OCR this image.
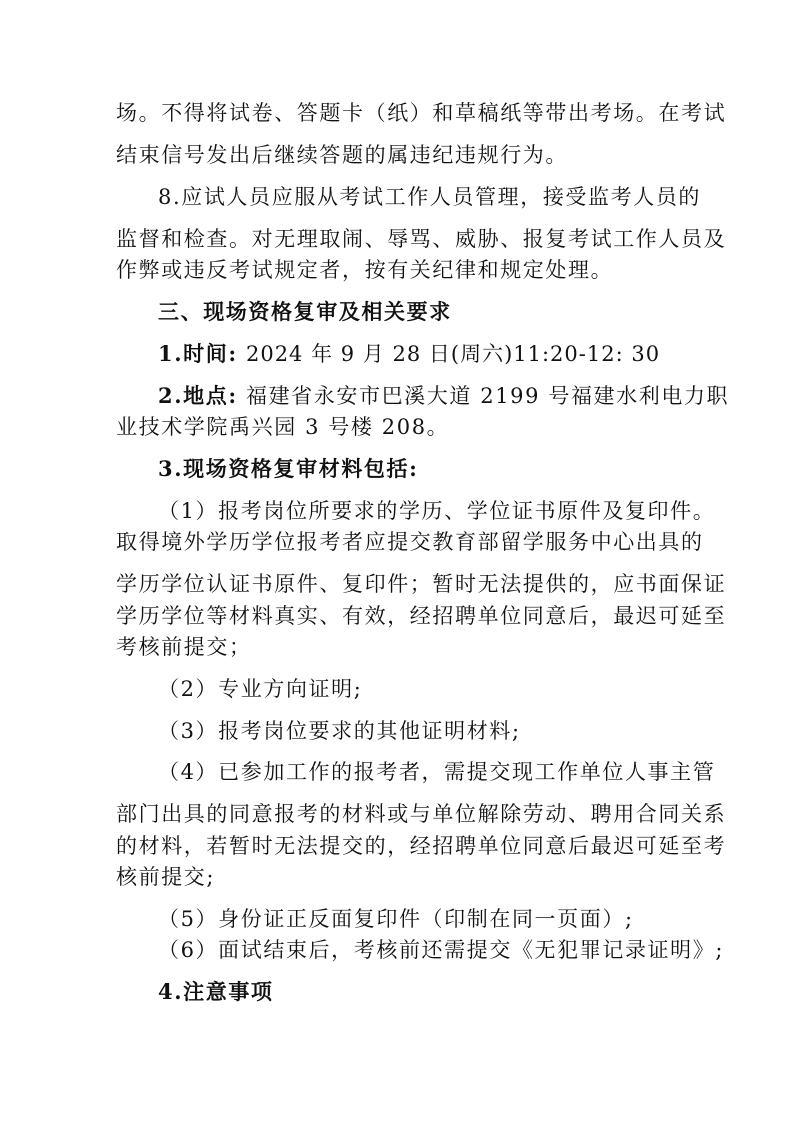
场。不得将试卷、答题卡（纸）和草稿纸等带出考场。在考试
结束信号发出后继续答题的属违纪违规行为。
8.应试人员应服从考试工作人员管理，接受监考人员的
监督和检查。对无理取闹、辱骂、威胁、报复考试工作人员及
作弊或违反考试规定者，按有关纪律和规定处理。
三、现场资格复审及相关要求
1.时间: 2024 年 9 月 28 日(周六)11:20-12: 30
2.地点: 福建省永安市巴溪大道 2199 号福建水利电力职
业技术学院禹兴园 3 号楼 208。
3.现场资格复审材料包括:
（1）报考岗位所要求的学历、学位证书原件及复印件。
取得境外学历学位报考者应提交教育部留学服务中心出具的
学历学位认证书原件、复印件；暂时无法提供的，应书面保证
学历学位等材料真实、有效，经招聘单位同意后，最迟可延至
考核前提交；
（2）专业方向证明;
（3）报考岗位要求的其他证明材料;
（4）已参加工作的报考者，需提交现工作单位人事主管
部门出具的同意报考的材料或与单位解除劳动、聘用合同关系
的材料，若暂时无法提交的，经招聘单位同意后最迟可延至考
核前提交;
（5）身份证正反面复印件（印制在同一页面）;
（6）面试结束后，考核前还需提交《无犯罪记录证明》;
4.注意事项
